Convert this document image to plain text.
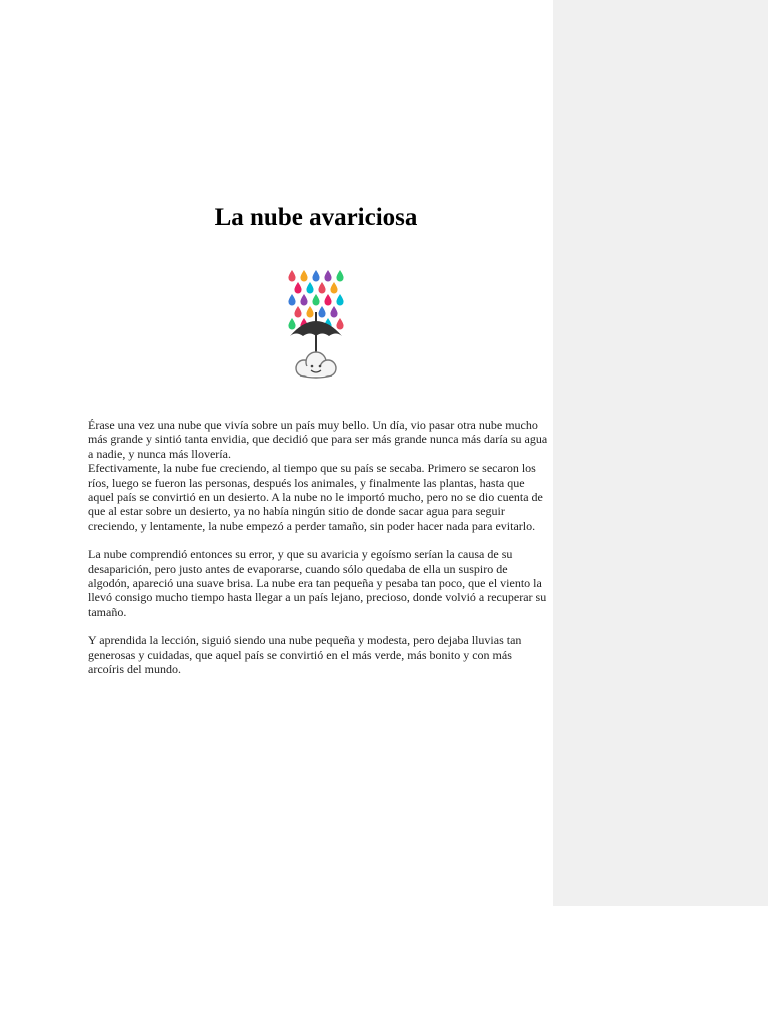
La nube avariciosa

Érase una vez una nube que vivía sobre un país muy bello. Un día, vio pasar otra nube mucho más grande y sintió tanta envidia, que decidió que para ser más grande nunca más daría su agua a nadie, y nunca más llovería.

Efectivamente, la nube fue creciendo, al tiempo que su país se secaba. Primero se secaron los ríos, luego se fueron las personas, después los animales, y finalmente las plantas, hasta que aquel país se convirtió en un desierto. A la nube no le importó mucho, pero no se dio cuenta de que al estar sobre un desierto, ya no había ningún sitio de donde sacar agua para seguir creciendo, y lentamente, la nube empezó a perder tamaño, sin poder hacer nada para evitarlo.

La nube comprendió entonces su error, y que su avaricia y egoísmo serían la causa de su desaparición, pero justo antes de evaporarse, cuando sólo quedaba de ella un suspiro de algodón, apareció una suave brisa. La nube era tan pequeña y pesaba tan poco, que el viento la llevó consigo mucho tiempo hasta llegar a un país lejano, precioso, donde volvió a recuperar su tamaño.

Y aprendida la lección, siguió siendo una nube pequeña y modesta, pero dejaba lluvias tan generosas y cuidadas, que aquel país se convirtió en el más verde, más bonito y con más arcoíris del mundo.
